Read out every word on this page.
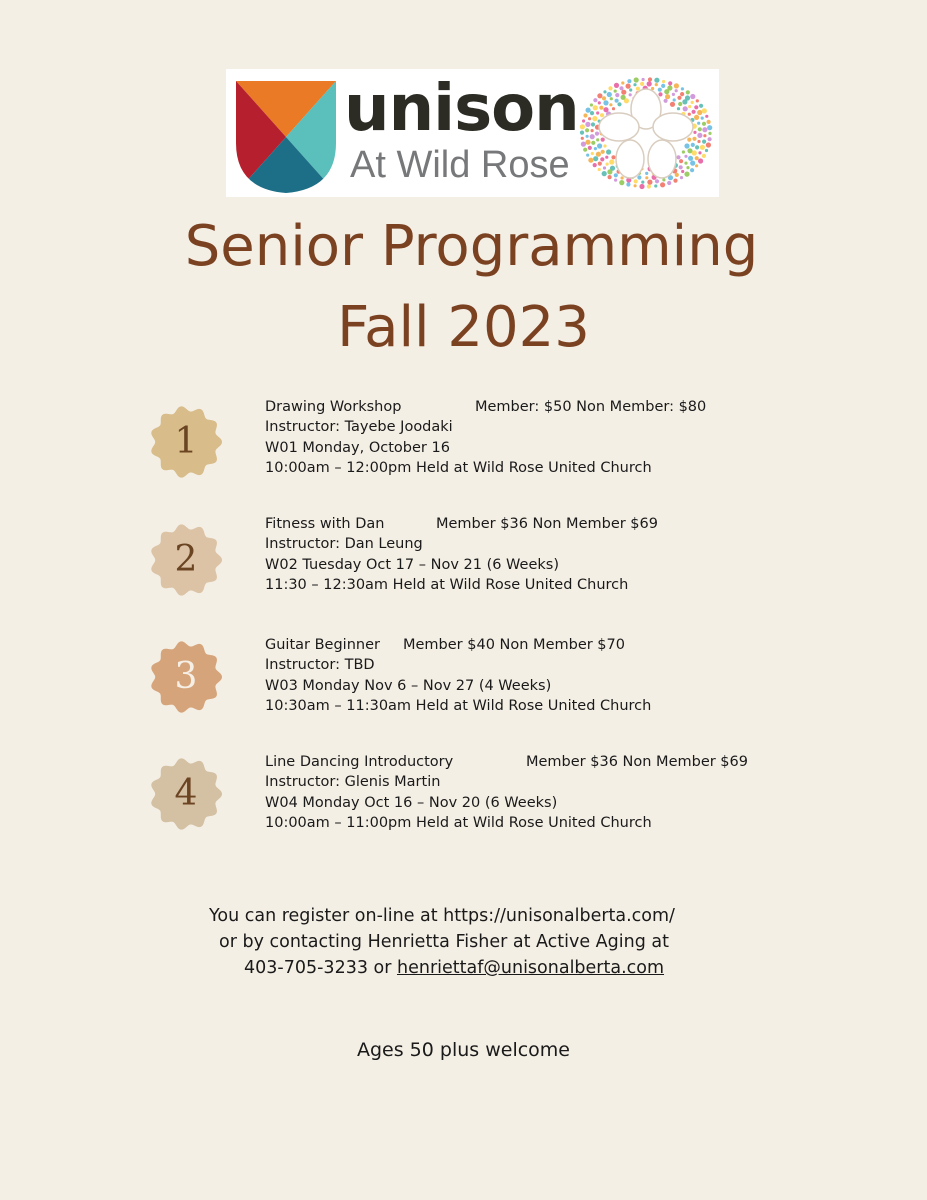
unison
At Wild Rose
Senior Programming
Fall 2023
1
Drawing Workshop	Member: $50 Non Member: $80
Instructor: Tayebe Joodaki
W01 Monday, October 16
10:00am – 12:00pm Held at Wild Rose United Church
2
Fitness with Dan	Member $36 Non Member $69
Instructor: Dan Leung
W02 Tuesday Oct 17 – Nov 21 (6 Weeks)
11:30 – 12:30am Held at Wild Rose United Church
3
Guitar Beginner Member $40 Non Member $70
Instructor: TBD
W03 Monday Nov 6 – Nov 27 (4 Weeks)
10:30am – 11:30am Held at Wild Rose United Church
4
Line Dancing Introductory	Member $36 Non Member $69
Instructor: Glenis Martin
W04 Monday Oct 16 – Nov 20 (6 Weeks)
10:00am – 11:00pm Held at Wild Rose United Church
You can register on-line at https://unisonalberta.com/
or by contacting Henrietta Fisher at Active Aging at
403-705-3233 or henriettaf@unisonalberta.com
Ages 50 plus welcome
